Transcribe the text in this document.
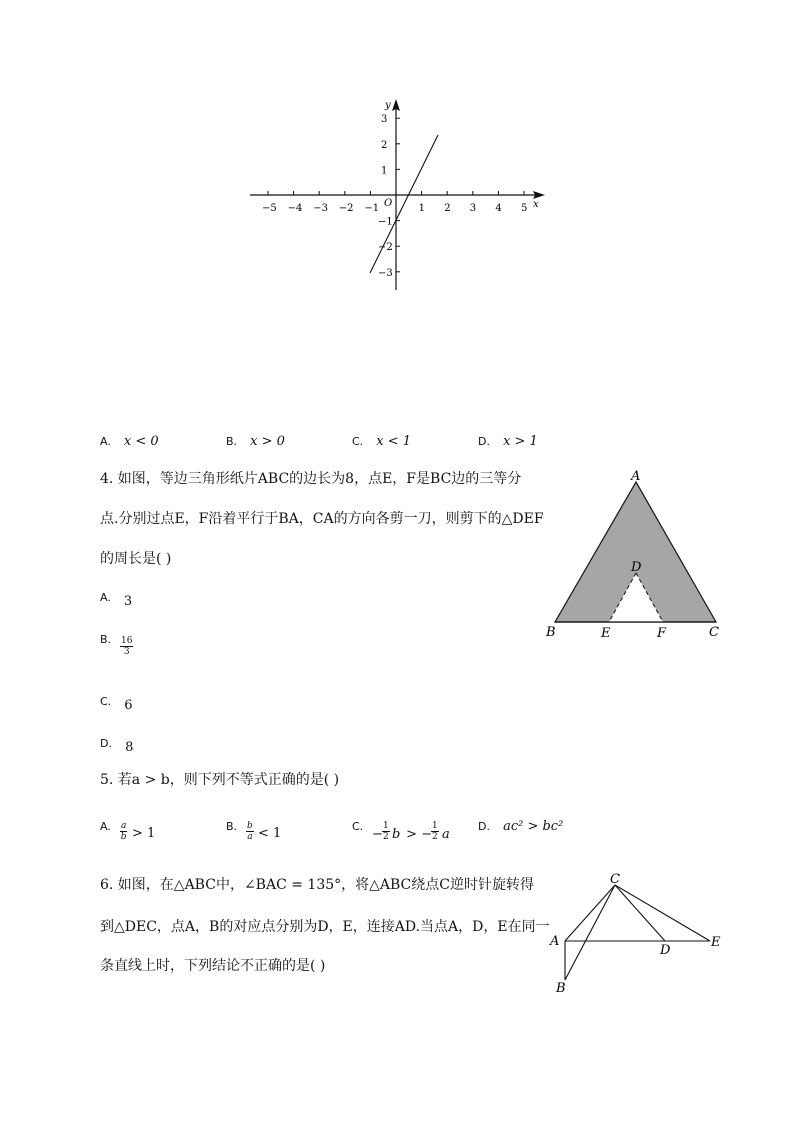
O	x
y
−5 −4 −3 −2 −1	1 2 3 4 5
3
2
1
−1
−2
−3
A. x < 0	B. x > 0	C. x < 1	D. x > 1
4. 如图，等边三角形纸片ABC的边长为8，点E，F是BC边的三等分
点.分别过点E，F沿着平行于BA，CA的方向各剪一刀，则剪下的△DEF
的周长是( )
A. $_3$
B. $\frac{16}{3}$
C. $_6$
D. $_8$
A
B	C
D
E	F
5. 若a > b，则下列不等式正确的是( )
A. $\frac{a}{b} > 1$	B. $\frac{b}{a} < 1$	C.
− $\frac{1}{2}$ b > −
$\frac{1}{2}$ a
D. ac² > bc²
6. 如图，在△ABC中，∠BAC = 135°，将△ABC绕点C逆时针旋转得
到△DEC，点A，B的对应点分别为D，E，连接AD.当点A，D，E在同一
条直线上时，下列结论不正确的是( )
C
A
B
D
E
